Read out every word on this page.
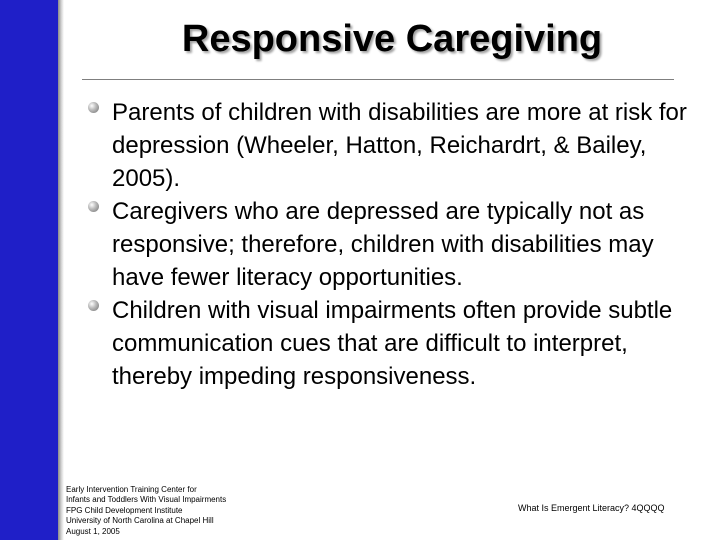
Responsive Caregiving
Parents of children with disabilities are more at risk for depression (Wheeler, Hatton, Reichardrt, & Bailey, 2005).
Caregivers who are depressed are typically not as responsive; therefore, children with disabilities may have fewer literacy opportunities.
Children with visual impairments often provide subtle communication cues that are difficult to interpret, thereby impeding responsiveness.
Early Intervention Training Center for
Infants and Toddlers With Visual Impairments
FPG Child Development Institute
University of North Carolina at Chapel Hill
August 1, 2005
What Is Emergent Literacy? 4QQQQ
